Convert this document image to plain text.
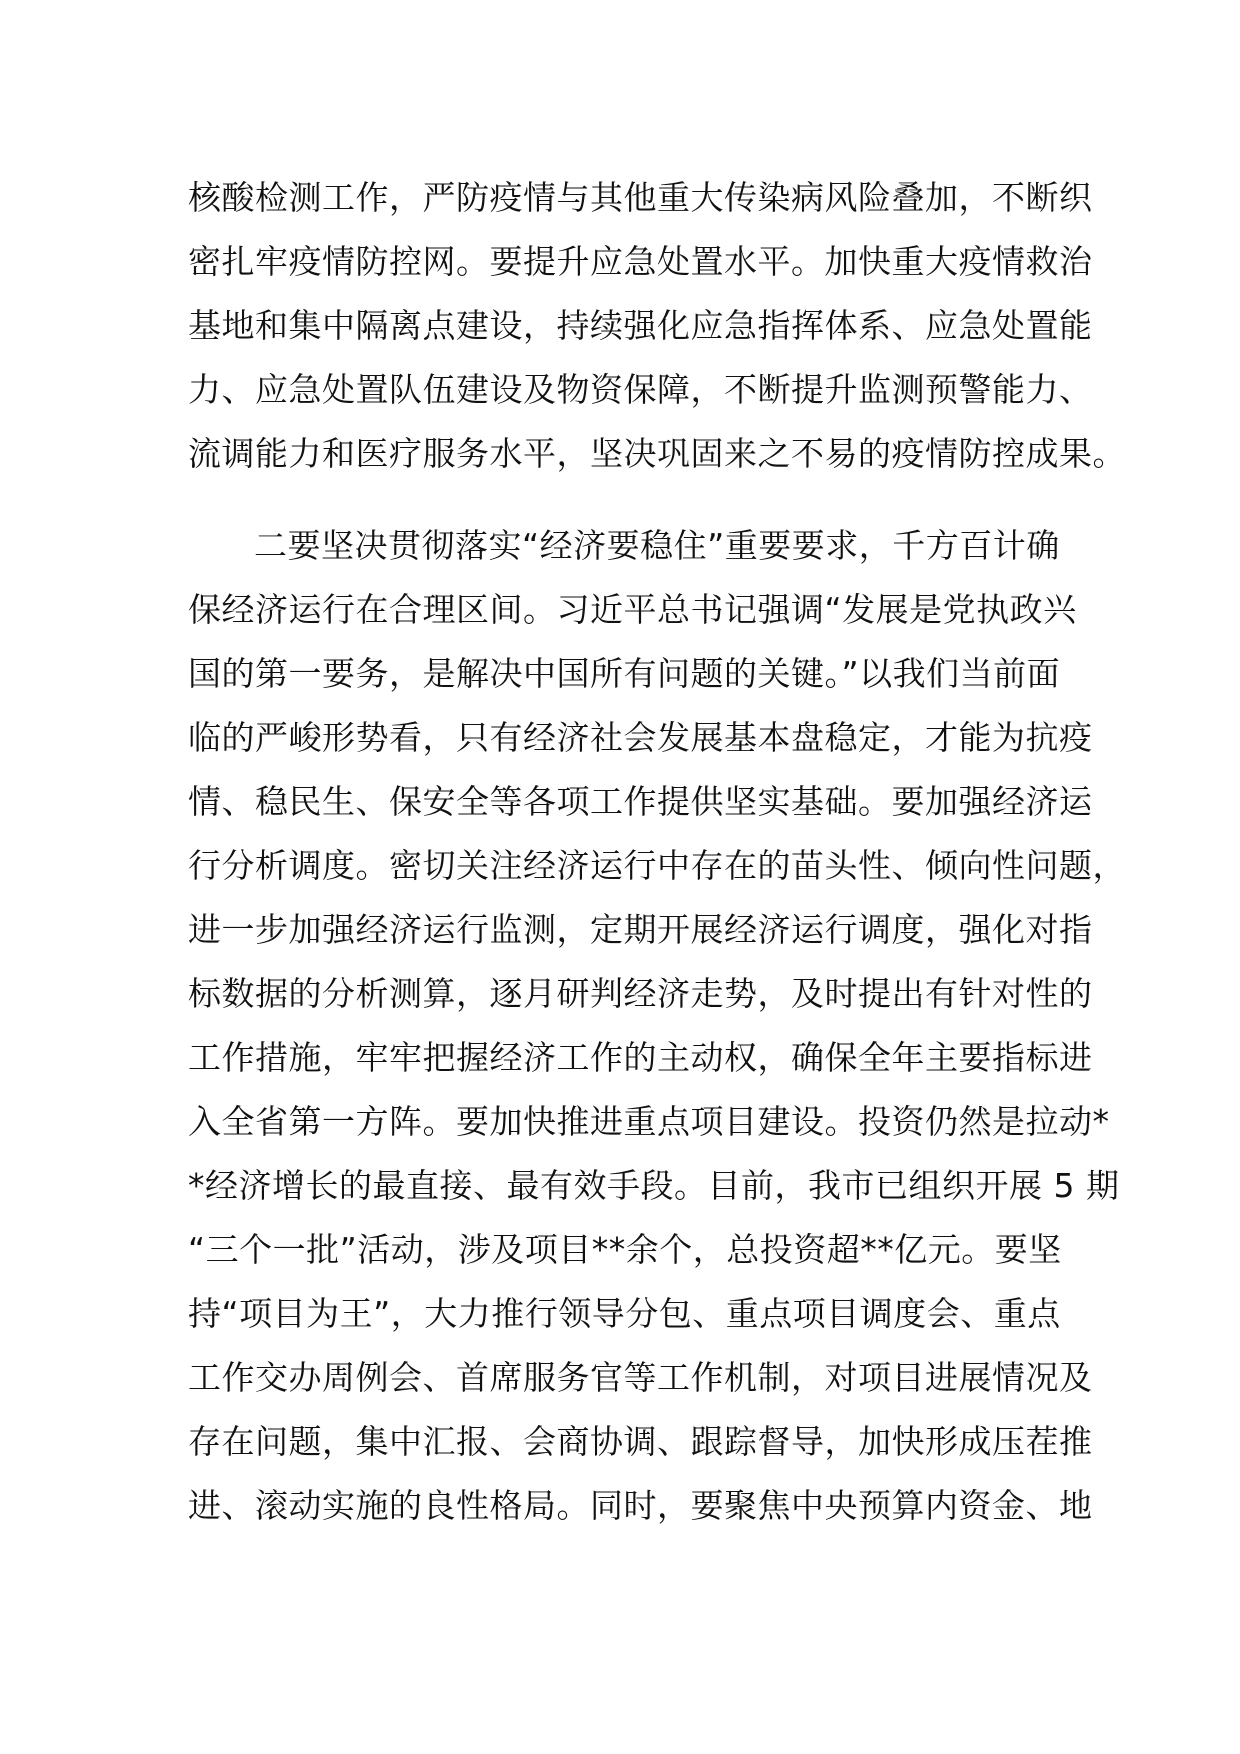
核酸检测工作，严防疫情与其他重大传染病风险叠加，不断织
密扎牢疫情防控网。要提升应急处置水平。加快重大疫情救治
基地和集中隔离点建设，持续强化应急指挥体系、应急处置能
力、应急处置队伍建设及物资保障，不断提升监测预警能力、
流调能力和医疗服务水平，坚决巩固来之不易的疫情防控成果。
二要坚决贯彻落实“经济要稳住”重要要求，千方百计确
保经济运行在合理区间。习近平总书记强调“发展是党执政兴
国的第一要务，是解决中国所有问题的关键。”以我们当前面
临的严峻形势看，只有经济社会发展基本盘稳定，才能为抗疫
情、稳民生、保安全等各项工作提供坚实基础。要加强经济运
行分析调度。密切关注经济运行中存在的苗头性、倾向性问题，
进一步加强经济运行监测，定期开展经济运行调度，强化对指
标数据的分析测算，逐月研判经济走势，及时提出有针对性的
工作措施，牢牢把握经济工作的主动权，确保全年主要指标进
入全省第一方阵。要加快推进重点项目建设。投资仍然是拉动*
*经济增长的最直接、最有效手段。目前，我市已组织开展 5 期
“三个一批”活动，涉及项目**余个，总投资超**亿元。要坚
持“项目为王”，大力推行领导分包、重点项目调度会、重点
工作交办周例会、首席服务官等工作机制，对项目进展情况及
存在问题，集中汇报、会商协调、跟踪督导，加快形成压茬推
进、滚动实施的良性格局。同时，要聚焦中央预算内资金、地
